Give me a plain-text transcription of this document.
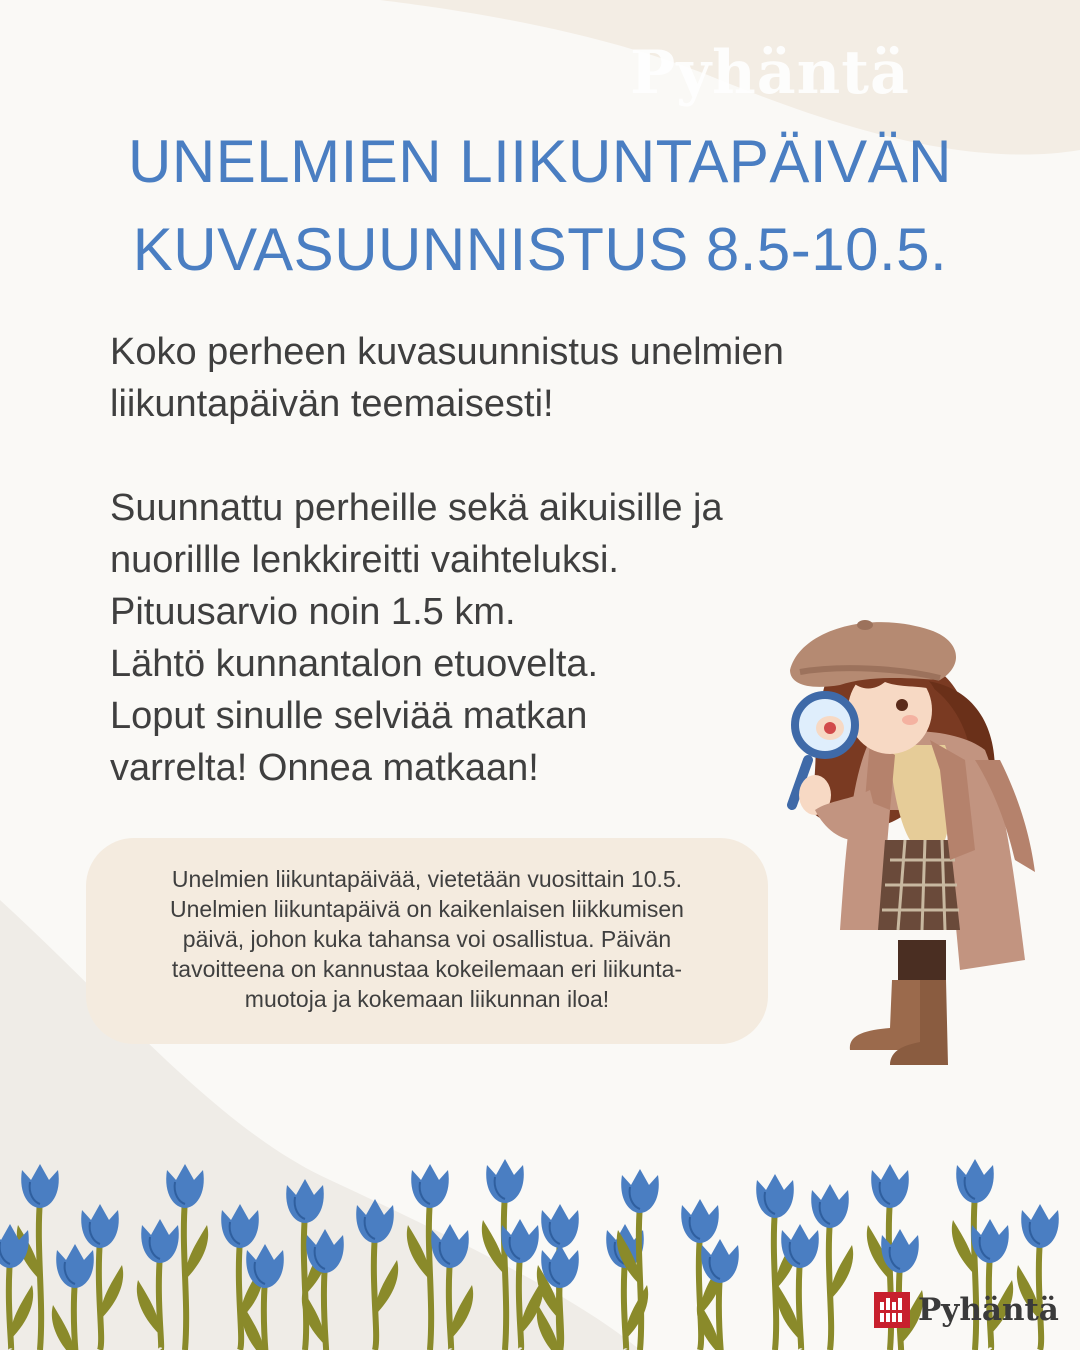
Pyhäntä
UNELMIEN LIIKUNTAPÄIVÄN
KUVASUUNNISTUS 8.5-10.5.

Koko perheen kuvasuunnistus unelmien

liikuntapäivän teemaisesti!

Suunnattu perheille sekä aikuisille ja

nuorillle lenkkireitti vaihteluksi.

Pituusarvio noin 1.5 km.

Lähtö kunnantalon etuovelta.

Loput sinulle selviää matkan

varrelta! Onnea matkaan!

Unelmien liikuntapäivää, vietetään vuosittain 10.5.
Unelmien liikuntapäivä on kaikenlaisen liikkumisen
päivä, johon kuka tahansa voi osallistua. Päivän
tavoitteena on kannustaa kokeilemaan eri liikunta-
muotoja ja kokemaan liikunnan iloa!
Pyhäntä
